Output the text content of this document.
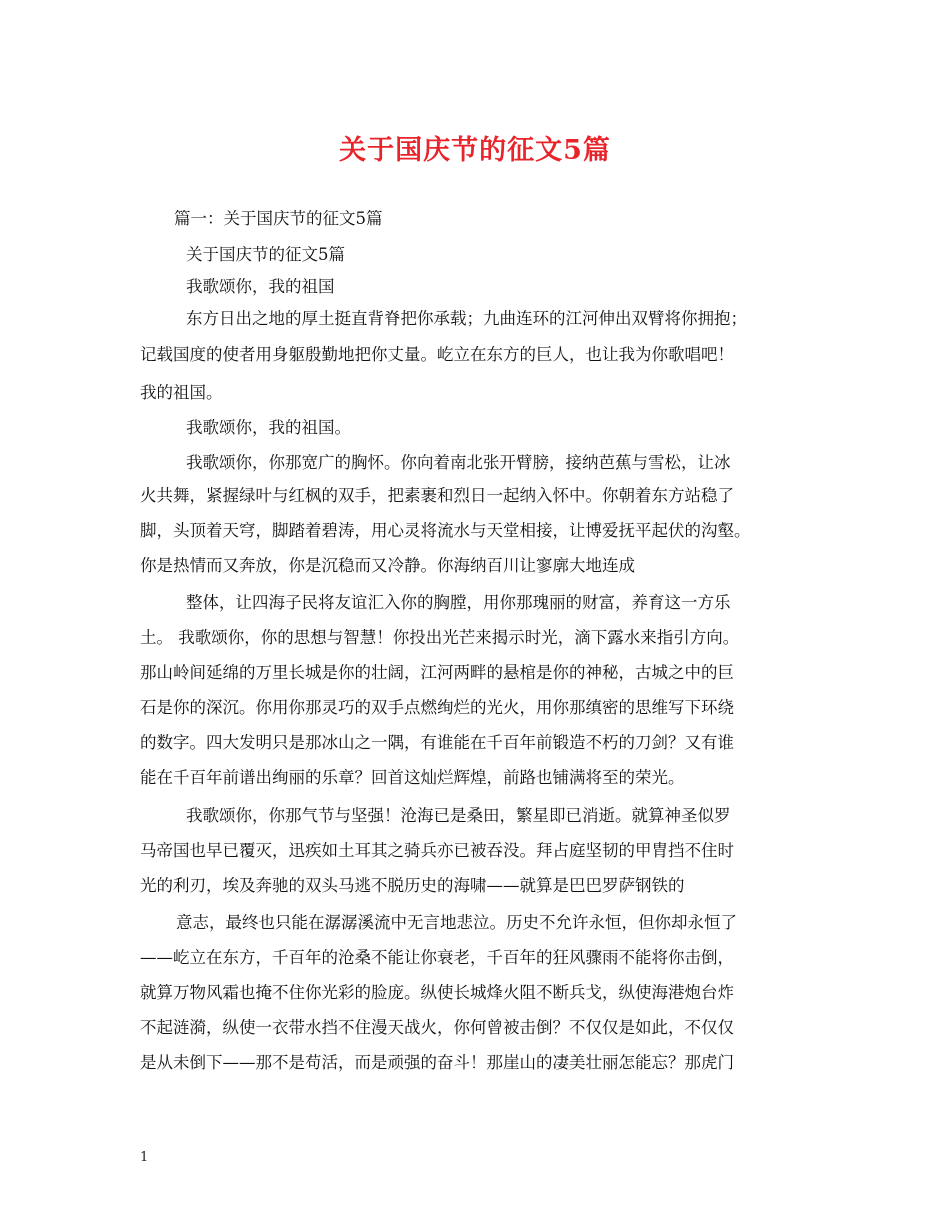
关于国庆节的征文5篇
篇一：关于国庆节的征文5篇
关于国庆节的征文5篇
我歌颂你，我的祖国
东方日出之地的厚土挺直背脊把你承载；九曲连环的江河伸出双臂将你拥抱；
记载国度的使者用身躯殷勤地把你丈量。屹立在东方的巨人，也让我为你歌唱吧！
我的祖国。
我歌颂你，我的祖国。
我歌颂你，你那宽广的胸怀。你向着南北张开臂膀，接纳芭蕉与雪松，让冰
火共舞，紧握绿叶与红枫的双手，把素裹和烈日一起纳入怀中。你朝着东方站稳了
脚，头顶着天穹，脚踏着碧涛，用心灵将流水与天堂相接，让博爱抚平起伏的沟壑。
你是热情而又奔放，你是沉稳而又冷静。你海纳百川让寥廓大地连成
整体，让四海子民将友谊汇入你的胸膛，用你那瑰丽的财富，养育这一方乐
土。 我歌颂你，你的思想与智慧！你投出光芒来揭示时光，滴下露水来指引方向。
那山岭间延绵的万里长城是你的壮阔，江河两畔的悬棺是你的神秘，古城之中的巨
石是你的深沉。你用你那灵巧的双手点燃绚烂的光火，用你那缜密的思维写下环绕
的数字。四大发明只是那冰山之一隅，有谁能在千百年前锻造不朽的刀剑？又有谁
能在千百年前谱出绚丽的乐章？回首这灿烂辉煌，前路也铺满将至的荣光。
我歌颂你，你那气节与坚强！沧海已是桑田，繁星即已消逝。就算神圣似罗
马帝国也早已覆灭，迅疾如土耳其之骑兵亦已被吞没。拜占庭坚韧的甲胄挡不住时
光的利刃，埃及奔驰的双头马逃不脱历史的海啸——就算是巴巴罗萨钢铁的
意志，最终也只能在潺潺溪流中无言地悲泣。历史不允许永恒，但你却永恒了
——屹立在东方，千百年的沧桑不能让你衰老，千百年的狂风骤雨不能将你击倒，
就算万物风霜也掩不住你光彩的脸庞。纵使长城烽火阻不断兵戈，纵使海港炮台炸
不起涟漪，纵使一衣带水挡不住漫天战火，你何曾被击倒？不仅仅是如此，不仅仅
是从未倒下——那不是苟活，而是顽强的奋斗！那崖山的凄美壮丽怎能忘？那虎门
1
